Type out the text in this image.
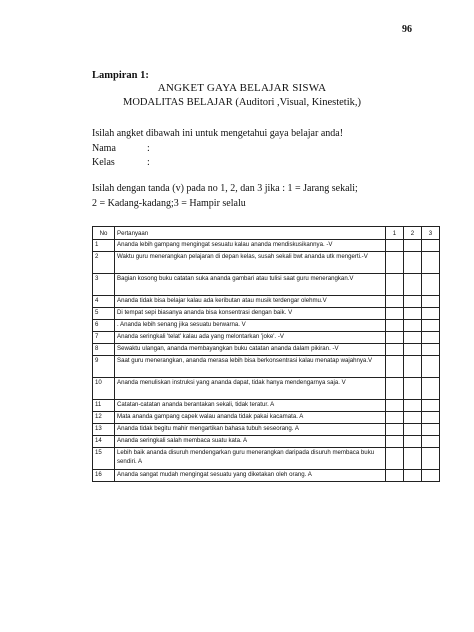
96
Lampiran 1:
ANGKET GAYA BELAJAR SISWA
MODALITAS BELAJAR (Auditori ,Visual, Kinestetik,)
Isilah angket dibawah ini untuk mengetahui gaya belajar anda!
Nama	:
Kelas	:
Isilah dengan tanda (v) pada no 1, 2, dan 3 jika : 1 = Jarang sekali;
2 = Kadang-kadang;3 = Hampir selalu
No	Pertanyaan	1	2	3
1	Ananda lebih gampang mengingat sesuatu kalau ananda mendiskusikannya. -V			
2	Waktu guru menerangkan pelajaran di depan kelas, susah sekali bwt ananda utk mengerti.-V			
3	Bagian kosong buku catatan suka ananda gambari atau tulisi saat guru menerangkan.V			
4	Ananda tidak bisa belajar kalau ada keributan atau musik terdengar olehmu.V			
5	Di tempat sepi biasanya ananda bisa konsentrasi dengan baik. V			
6	. Ananda lebih senang jika sesuatu berwarna. V			
7	Ananda seringkali 'telat' kalau ada yang melontarkan 'joke'. -V			
8	Sewaktu ulangan, ananda membayangkan buku catatan ananda dalam pikiran. -V			
9	Saat guru menerangkan, ananda merasa lebih bisa berkonsentrasi kalau menatap wajahnya.V			
10	Ananda menuliskan instruksi yang ananda dapat, tidak hanya mendengarnya saja. V			
11	Catatan-catatan ananda berantakan sekali, tidak teratur. A			
12	Mata ananda gampang capek walau ananda tidak pakai kacamata. A			
13	Ananda tidak begitu mahir mengartikan bahasa tubuh seseorang. A			
14	Ananda seringkali salah membaca suatu kata. A			
15	Lebih baik ananda disuruh mendengarkan guru menerangkan daripada disuruh membaca buku sendiri. A			
16	Ananda sangat mudah mengingat sesuatu yang diketakan oleh orang. A			
